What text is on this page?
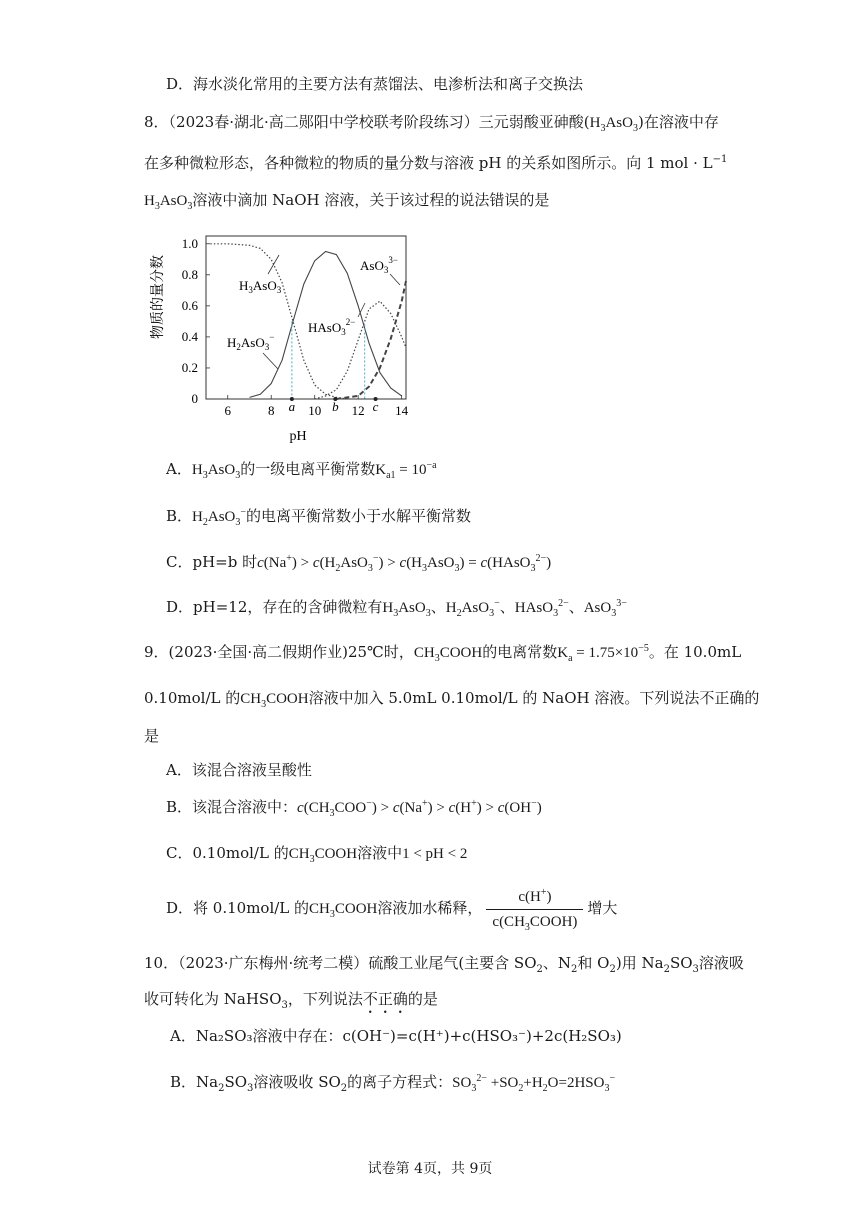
D．海水淡化常用的主要方法有蒸馏法、电渗析法和离子交换法
8．（2023春·湖北·高二郧阳中学校联考阶段练习）三元弱酸亚砷酸$(H_3AsO_3)$在溶液中存
在多种微粒形态，各种微粒的物质的量分数与溶液 pH 的关系如图所示。向 1 mol · $L^{-1}$
$H_3AsO_3$溶液中滴加 NaOH 溶液，关于该过程的说法错误的是
0
0.2
0.4
0.6
0.8
1.0
6	8	10 12 14
a	b	c
物质的量分数
pH
$H_3AsO_3$
$H_2AsO_3^-$
HAsO$_3^{2-}$
AsO$_3^{3-}$
A．$H_3AsO_3$的一级电离平衡常数$K_{a1} = 10^{-a}$
B．$H_2AsO_3^-$的电离平衡常数小于水解平衡常数
C．pH=b 时$c(Na^+) > c(H_2AsO_3^-) > c(H_3AsO_3)$ = c(HAsO$_3^{2-}$)
D．pH=12，存在的含砷微粒有$H_3AsO_3$、$H_2AsO_3^-$、HAsO$_3^{2-}$、AsO$_3^{3-}$
9．(2023·全国·高二假期作业)25℃时，$CH_3COOH$的电离常数$K_a = 1.75\times 10^{-5}$。在 10.0mL
0.10mol/L 的$CH_3COOH$溶液中加入 5.0mL 0.10mol/L 的 NaOH 溶液。下列说法不正确的
是
A．该混合溶液呈酸性
B．该混合溶液中：$c(CH_3COO^-) > c(Na^+) > c(H^+) > c(OH^-)$
C．0.10mol/L 的$CH_3COOH$溶液中1 < pH < 2
D．将 0.10mol/L 的$CH_3COOH$溶液加水稀释， $\frac{c(H^+)}{c(CH_3COOH)}$ 增大
10．（2023·广东梅州·统考二模）硫酸工业尾气(主要含 $SO_2$、$N_2$和 $O_2$)用 $Na_2SO_3$溶液吸
收可转化为 NaHSO$_3$，下列说法不正确的是
A．Na₂SO₃溶液中存在：c(OH⁻)=c(H⁺)+c(HSO₃⁻)+2c(H₂SO₃)
B．$Na_2SO_3$溶液吸收 $SO_2$的离子方程式：$SO_3^{2-} +SO_2+H_2O=2HSO_3^-$
试卷第 4页，共 9页
